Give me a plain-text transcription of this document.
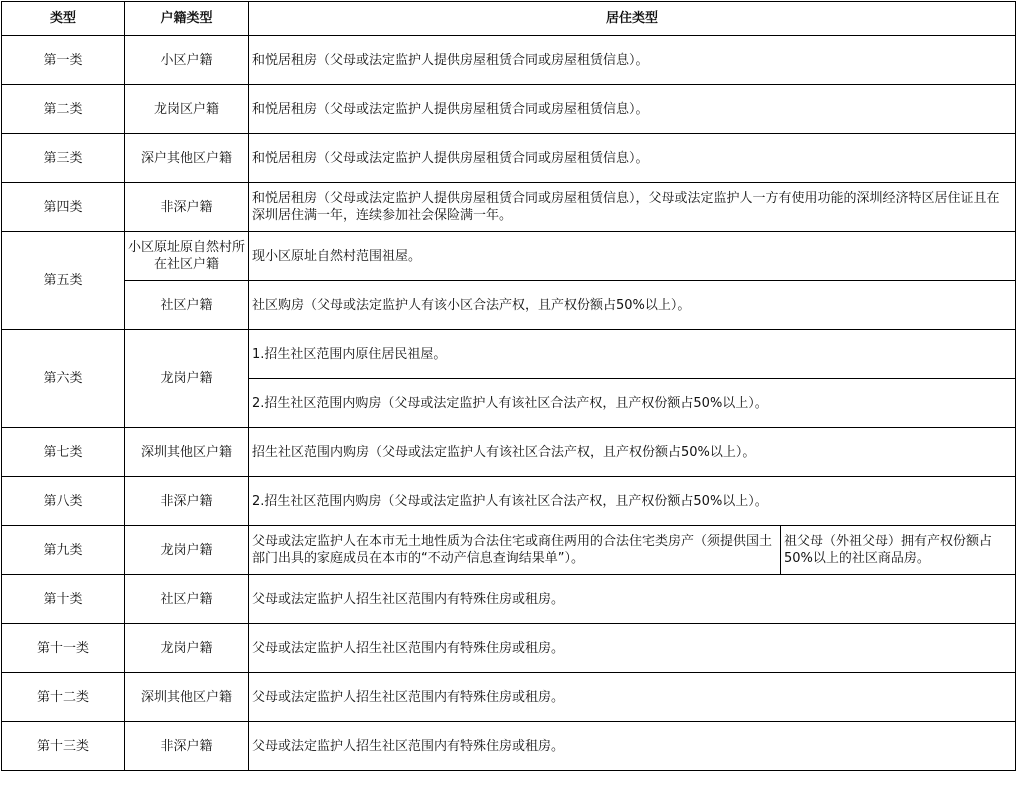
类型	户籍类型	居住类型	
第一类	小区户籍	和悦居租房（父母或法定监护人提供房屋租赁合同或房屋租赁信息）。	
第二类	龙岗区户籍	和悦居租房（父母或法定监护人提供房屋租赁合同或房屋租赁信息）。	
第三类	深户其他区户籍	和悦居租房（父母或法定监护人提供房屋租赁合同或房屋租赁信息）。	
第四类	非深户籍	和悦居租房（父母或法定监护人提供房屋租赁合同或房屋租赁信息），父母或法定监护人一方有使用功能的深圳经济特区居住证且在深圳居住满一年，连续参加社会保险满一年。	
第五类	小区原址原自然村所在社区户籍	现小区原址自然村范围祖屋。	
	社区户籍	社区购房（父母或法定监护人有该小区合法产权，且产权份额占50%以上）。	
第六类	龙岗户籍	1.招生社区范围内原住居民祖屋。	
		2.招生社区范围内购房（父母或法定监护人有该社区合法产权，且产权份额占50%以上）。	
第七类	深圳其他区户籍	招生社区范围内购房（父母或法定监护人有该社区合法产权，且产权份额占50%以上）。	
第八类	非深户籍	2.招生社区范围内购房（父母或法定监护人有该社区合法产权，且产权份额占50%以上）。	
第九类	龙岗户籍	父母或法定监护人在本市无土地性质为合法住宅或商住两用的合法住宅类房产（须提供国土部门出具的家庭成员在本市的“不动产信息查询结果单”）。	祖父母（外祖父母）拥有产权份额占50%以上的社区商品房。
第十类	社区户籍	父母或法定监护人招生社区范围内有特殊住房或租房。	
第十一类	龙岗户籍	父母或法定监护人招生社区范围内有特殊住房或租房。	
第十二类	深圳其他区户籍	父母或法定监护人招生社区范围内有特殊住房或租房。	
第十三类	非深户籍	父母或法定监护人招生社区范围内有特殊住房或租房。	
